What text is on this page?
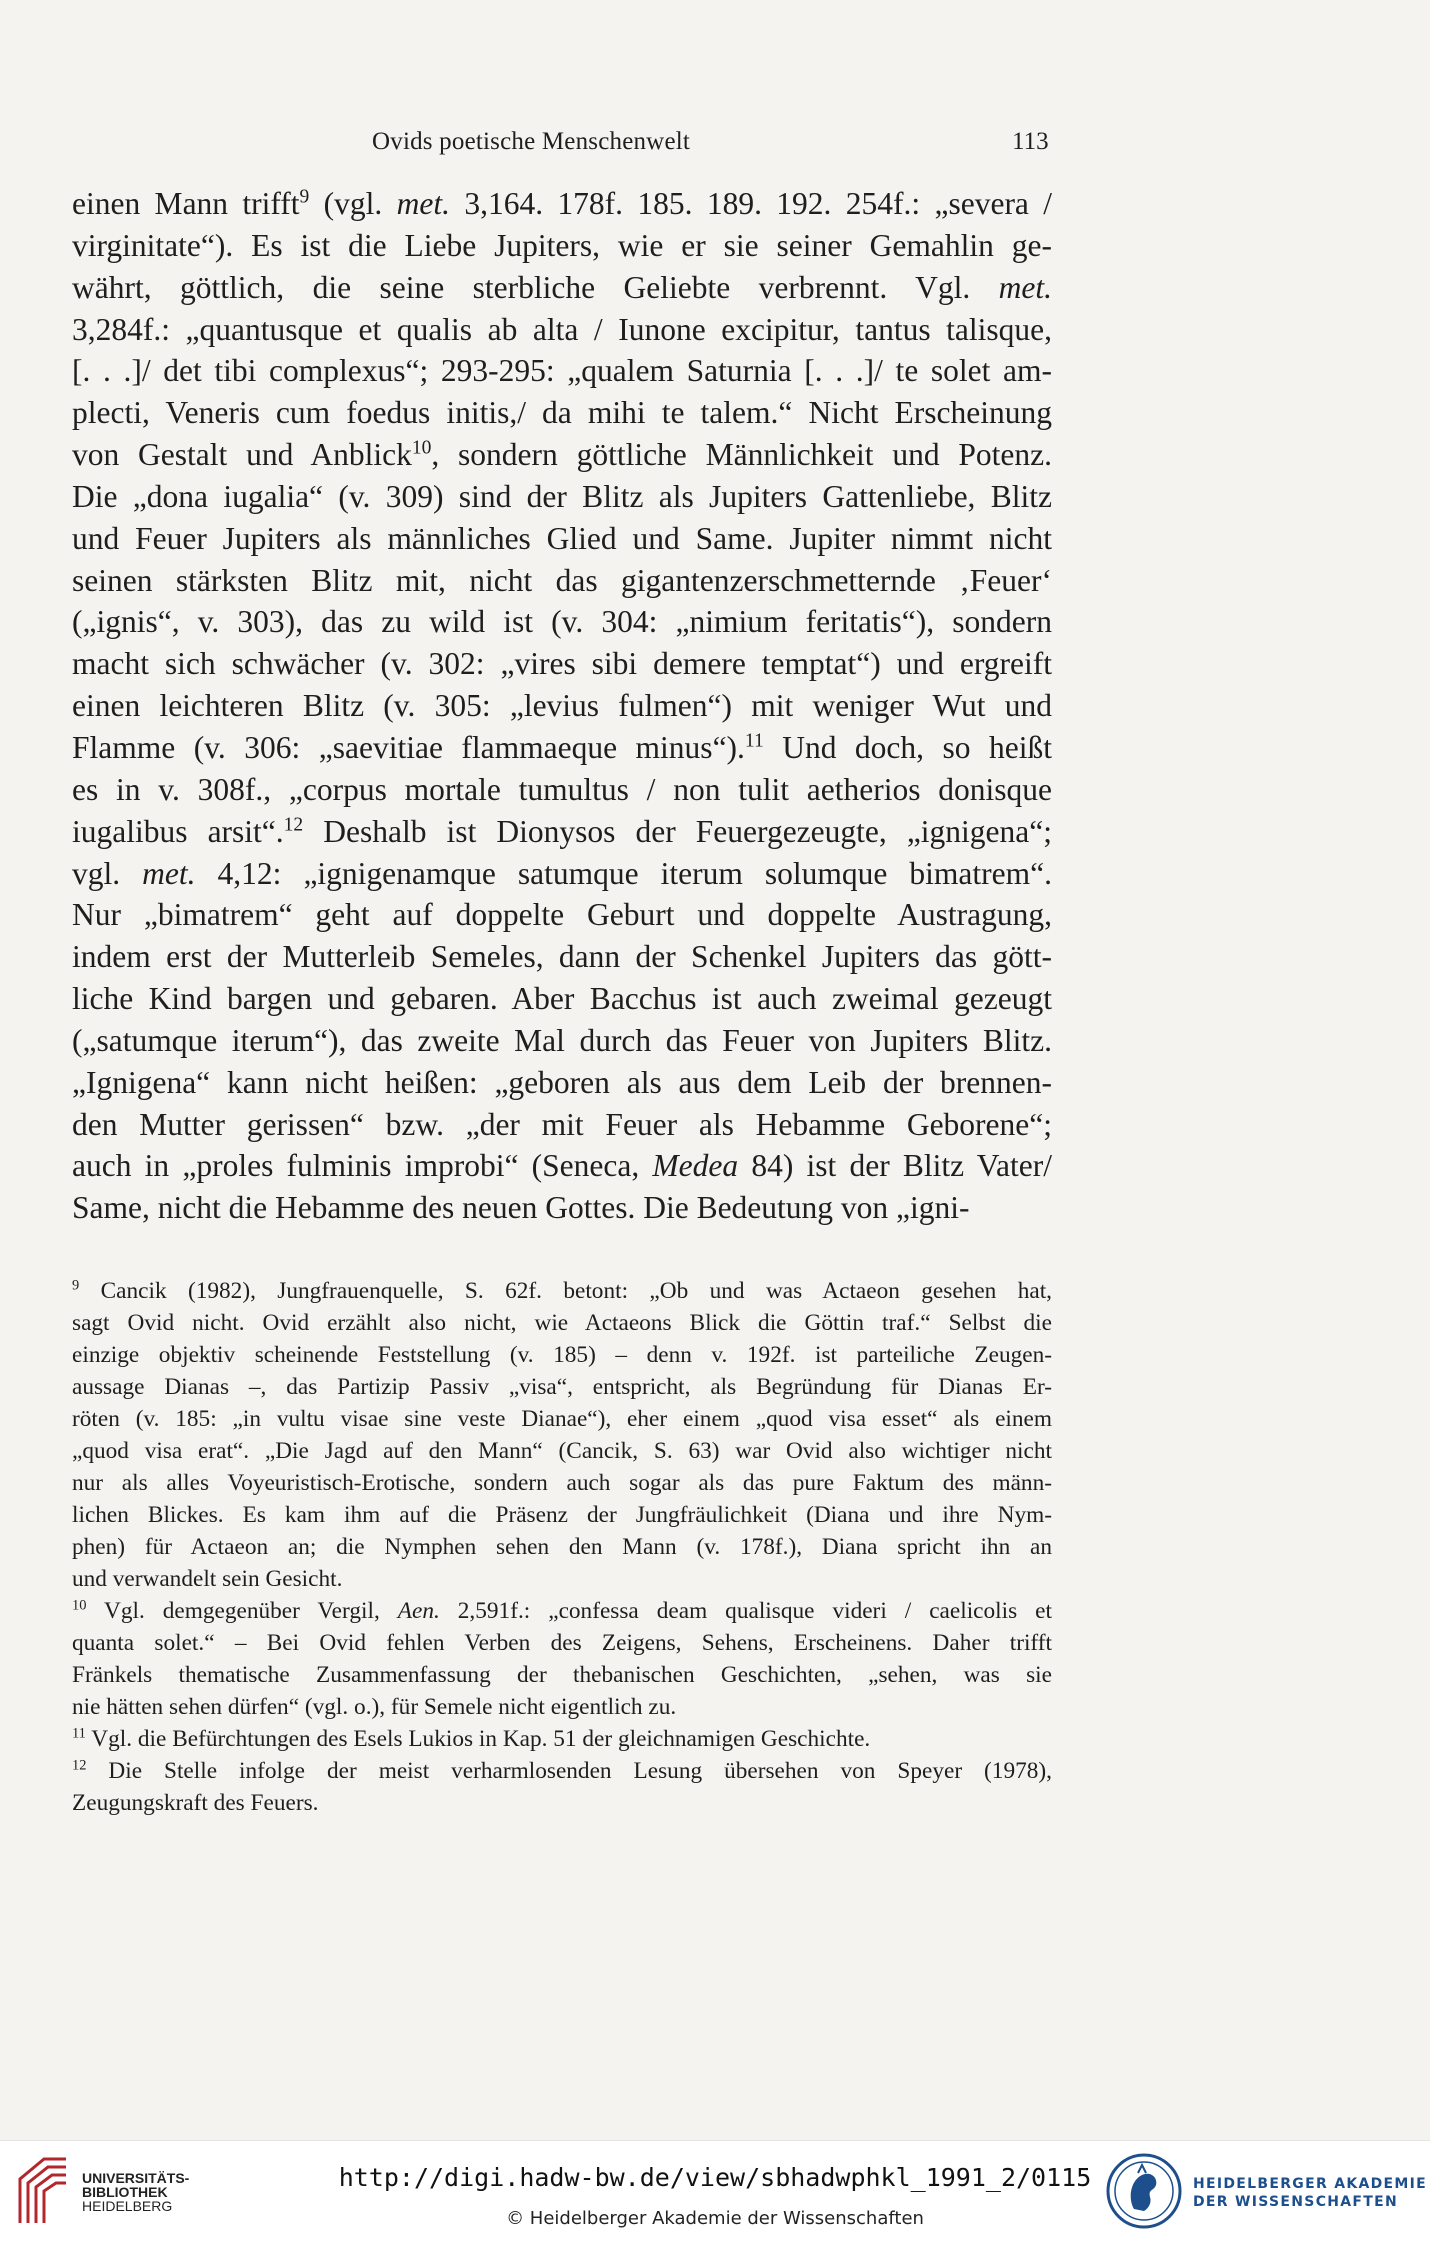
Ovids poetische Menschenwelt	113
einen Mann trifft$^9$ (vgl. met. 3,164. 178f. 185. 189. 192. 254f.: „severa /
virginitate“). Es ist die Liebe Jupiters, wie er sie seiner Gemahlin ge-
währt, göttlich, die seine sterbliche Geliebte verbrennt. Vgl. met.
3,284f.: „quantusque et qualis ab alta / Iunone excipitur, tantus talisque,
[. . .]/ det tibi complexus“; 293-295: „qualem Saturnia [. . .]/ te solet am-
plecti, Veneris cum foedus initis,/ da mihi te talem.“ Nicht Erscheinung
von Gestalt und Anblick$^{10}$, sondern göttliche Männlichkeit und Potenz.
Die „dona iugalia“ (v. 309) sind der Blitz als Jupiters Gattenliebe, Blitz
und Feuer Jupiters als männliches Glied und Same. Jupiter nimmt nicht
seinen stärksten Blitz mit, nicht das gigantenzerschmetternde ‚Feuer‘
(„ignis“, v. 303), das zu wild ist (v. 304: „nimium feritatis“), sondern
macht sich schwächer (v. 302: „vires sibi demere temptat“) und ergreift
einen leichteren Blitz (v. 305: „levius fulmen“) mit weniger Wut und
Flamme (v. 306: „saevitiae flammaeque minus“).$^{11}$ Und doch, so heißt
es in v. 308f., „corpus mortale tumultus / non tulit aetherios donisque
iugalibus arsit“.$^{12}$ Deshalb ist Dionysos der Feuergezeugte, „ignigena“;
vgl. met. 4,12: „ignigenamque satumque iterum solumque bimatrem“.
Nur „bimatrem“ geht auf doppelte Geburt und doppelte Austragung,
indem erst der Mutterleib Semeles, dann der Schenkel Jupiters das gött-
liche Kind bargen und gebaren. Aber Bacchus ist auch zweimal gezeugt
(„satumque iterum“), das zweite Mal durch das Feuer von Jupiters Blitz.
„Ignigena“ kann nicht heißen: „geboren als aus dem Leib der brennen-
den Mutter gerissen“ bzw. „der mit Feuer als Hebamme Geborene“;
auch in „proles fulminis improbi“ (Seneca, Medea 84) ist der Blitz Vater/
Same, nicht die Hebamme des neuen Gottes. Die Bedeutung von „igni-
$^9$ Cancik (1982), Jungfrauenquelle, S. 62f. betont: „Ob und was Actaeon gesehen hat,
sagt Ovid nicht. Ovid erzählt also nicht, wie Actaeons Blick die Göttin traf.“ Selbst die
einzige objektiv scheinende Feststellung (v. 185) – denn v. 192f. ist parteiliche Zeugen-
aussage Dianas –, das Partizip Passiv „visa“, entspricht, als Begründung für Dianas Er-
röten (v. 185: „in vultu visae sine veste Dianae“), eher einem „quod visa esset“ als einem
„quod visa erat“. „Die Jagd auf den Mann“ (Cancik, S. 63) war Ovid also wichtiger nicht
nur als alles Voyeuristisch-Erotische, sondern auch sogar als das pure Faktum des männ-
lichen Blickes. Es kam ihm auf die Präsenz der Jungfräulichkeit (Diana und ihre Nym-
phen) für Actaeon an; die Nymphen sehen den Mann (v. 178f.), Diana spricht ihn an
und verwandelt sein Gesicht.
$^{10}$ Vgl. demgegenüber Vergil, Aen. 2,591f.: „confessa deam qualisque videri / caelicolis et
quanta solet.“ – Bei Ovid fehlen Verben des Zeigens, Sehens, Erscheinens. Daher trifft
Fränkels thematische Zusammenfassung der thebanischen Geschichten, „sehen, was sie
nie hätten sehen dürfen“ (vgl. o.), für Semele nicht eigentlich zu.
$^{11}$ Vgl. die Befürchtungen des Esels Lukios in Kap. 51 der gleichnamigen Geschichte.
$^{12}$ Die Stelle infolge der meist verharmlosenden Lesung übersehen von Speyer (1978),
Zeugungskraft des Feuers.
UNIVERSITÄTS-
BIBLIOTHEK
HEIDELBERG
http://digi.hadw-bw.de/view/sbhadwphkl_1991_2/0115
© Heidelberger Akademie der Wissenschaften
HEIDELBERGER AKADEMIE
DER WISSENSCHAFTEN
